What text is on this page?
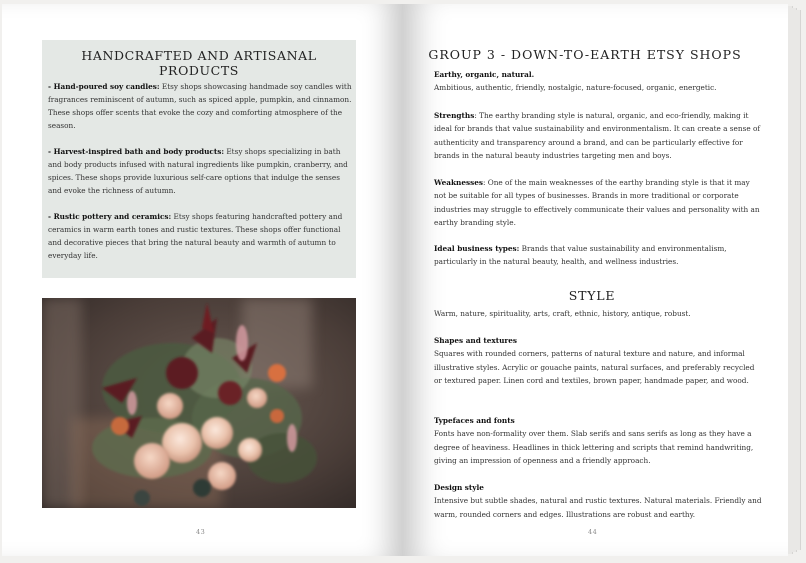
HANDCRAFTED AND ARTISANAL PRODUCTS

- Hand-poured soy candles: Etsy shops showcasing handmade soy candles with fragrances reminiscent of autumn, such as spiced apple, pumpkin, and cinnamon. These shops offer scents that evoke the cozy and comforting atmosphere of the season.

- Harvest-inspired bath and body products: Etsy shops specializing in bath and body products infused with natural ingredients like pumpkin, cranberry, and spices. These shops provide luxurious self-care options that indulge the senses and evoke the richness of autumn.

- Rustic pottery and ceramics: Etsy shops featuring handcrafted pottery and ceramics in warm earth tones and rustic textures. These shops offer functional and decorative pieces that bring the natural beauty and warmth of autumn to everyday life.

43
GROUP 3 - DOWN-TO-EARTH ETSY SHOPS
Earthy, organic, natural.
Ambitious, authentic, friendly, nostalgic, nature-focused, organic, energetic.
Strengths: The earthy branding style is natural, organic, and eco-friendly, making it ideal for brands that value sustainability and environmentalism. It can create a sense of authenticity and transparency around a brand, and can be particularly effective for brands in the natural beauty industries targeting men and boys.
Weaknesses: One of the main weaknesses of the earthy branding style is that it may not be suitable for all types of businesses. Brands in more traditional or corporate industries may struggle to effectively communicate their values and personality with an earthy branding style.
Ideal business types: Brands that value sustainability and environmentalism, particularly in the natural beauty, health, and wellness industries.
STYLE
Warm, nature, spirituality, arts, craft, ethnic, history, antique, robust.
Shapes and textures
Squares with rounded corners, patterns of natural texture and nature, and informal illustrative styles. Acrylic or gouache paints, natural surfaces, and preferably recycled or textured paper. Linen cord and textiles, brown paper, handmade paper, and wood.
Typefaces and fonts
Fonts have non-formality over them. Slab serifs and sans serifs as long as they have a degree of heaviness. Headlines in thick lettering and scripts that remind handwriting, giving an impression of openness and a friendly approach.
Design style
Intensive but subtle shades, natural and rustic textures. Natural materials. Friendly and warm, rounded corners and edges. Illustrations are robust and earthy.
44
